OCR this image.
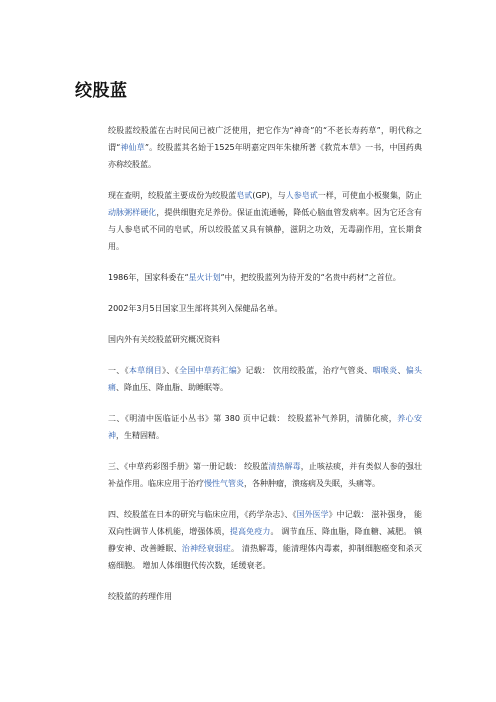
绞股蓝

绞股蓝绞股蓝在古时民间已被广泛使用，把它作为“神奇”的“不老长寿药草”，明代称之谓“神仙草”。绞股蓝其名始于1525年明嘉定四年朱棣所著《救荒本草》一书，中国药典亦称绞股蓝。

现在查明，绞股蓝主要成份为绞股蓝皂甙(GP)，与人参皂甙一样，可使血小板聚集，防止动脉粥样硬化，提供细胞充足养份。保证血流通畅，降低心脑血管发病率。因为它还含有与人参皂甙不同的皂甙，所以绞股蓝又具有镇静，滋阴之功效，无毒副作用，宜长期食用。

1986年，国家科委在“星火计划”中，把绞股蓝列为待开发的“名贵中药材”之首位。

2002年3月5日国家卫生部将其列入保健品名单。

国内外有关绞股蓝研究概况资料

一、《本草纲目》、《全国中草药汇编》记载： 饮用绞股蓝，治疗气管炎、咽喉炎、偏头痛、降血压、降血脂、助睡眠等。

二、《明清中医临证小丛书》第 380 页中记载： 绞股蓝补气养阴，清肺化痰，养心安神，生精固精。

三、《中草药彩图手册》第一册记载： 绞股蓝清热解毒，止咳祛痰，并有类似人参的强壮补益作用。临床应用于治疗慢性气管炎，各种肿瘤，溃疡病及失眠，头痛等。

四、绞股蓝在日本的研究与临床应用，《药学杂志》、《国外医学》中记载： 滋补强身， 能双向性调节人体机能，增强体质，提高免疫力。 调节血压、降血脂，降血糖、减肥。 镇静安神、改善睡眠、治神经衰弱症。 清热解毒，能清理体内毒素，抑制细胞癌变和杀灭癌细胞。 增加人体细胞代传次数，延缓衰老。

绞股蓝的药理作用
